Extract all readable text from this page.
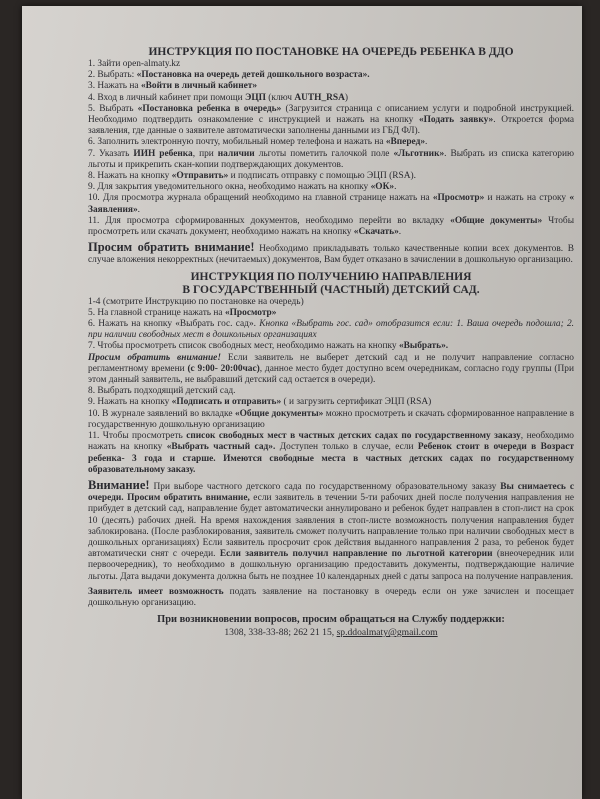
ИНСТРУКЦИЯ ПО ПОСТАНОВКЕ НА ОЧЕРЕДЬ РЕБЕНКА В ДДО

1. Зайти open-almaty.kz

2. Выбрать: «Постановка на очередь детей дошкольного возраста».

3. Нажать на «Войти в личный кабинет»

4. Вход в личный кабинет при помощи ЭЦП (ключ AUTH_RSA)

5. Выбрать «Постановка ребенка в очередь» (Загрузится страница с описанием услуги и подробной инструкцией. Необходимо подтвердить ознакомление с инструкцией и нажать на кнопку «Подать заявку». Откроется форма заявления, где данные о заявителе автоматически заполнены данными из ГБД ФЛ).

6. Заполнить электронную почту, мобильный номер телефона и нажать на «Вперед».

7. Указать ИИН ребенка, при наличии льготы пометить галочкой поле «Льготник». Выбрать из списка категорию льготы и прикрепить скан-копии подтверждающих документов.

8. Нажать на кнопку «Отправить» и подписать отправку с помощью ЭЦП (RSA).

9. Для закрытия уведомительного окна, необходимо нажать на кнопку «ОК».

10. Для просмотра журнала обращений необходимо на главной странице нажать на «Просмотр» и нажать на строку « Заявления».

11. Для просмотра сформированных документов, необходимо перейти во вкладку «Общие документы» Чтобы просмотреть или скачать документ, необходимо нажать на кнопку «Скачать».

Просим обратить внимание! Необходимо прикладывать только качественные копии всех документов. В случае вложения некорректных (нечитаемых) документов, Вам будет отказано в зачислении в дошкольную организацию.

ИНСТРУКЦИЯ ПО ПОЛУЧЕНИЮ НАПРАВЛЕНИЯ

В ГОСУДАРСТВЕННЫЙ (ЧАСТНЫЙ) ДЕТСКИЙ САД.

1-4 (смотрите Инструкцию по постановке на очередь)

5. На главной странице нажать на «Просмотр»

6. Нажать на кнопку «Выбрать гос. сад». Кнопка «Выбрать гос. сад» отобразится если: 1. Ваша очередь подошла; 2. при наличии свободных мест в дошкольных организациях

7. Чтобы просмотреть список свободных мест, необходимо нажать на кнопку «Выбрать».
Просим обратить внимание! Если заявитель не выберет детский сад и не получит направление согласно регламентному времени (с 9:00- 20:00час), данное место будет доступно всем очередникам, согласно году группы (При этом данный заявитель, не выбравший детский сад остается в очереди).

8. Выбрать подходящий детский сад.

9. Нажать на кнопку «Подписать и отправить» ( и загрузить сертификат ЭЦП (RSA)

10. В журнале заявлений во вкладке «Общие документы» можно просмотреть и скачать сформированное направление в государственную дошкольную организацию

11. Чтобы просмотреть список свободных мест в частных детских садах по государственному заказу, необходимо нажать на кнопку «Выбрать частный сад». Доступен только в случае, если Ребенок стоит в очереди в Возраст ребенка- 3 года и старше. Имеются свободные места в частных детских садах по государственному образовательному заказу.

Внимание! При выборе частного детского сада по государственному образовательному заказу Вы снимаетесь с очереди. Просим обратить внимание, если заявитель в течении 5-ти рабочих дней после получения направления не прибудет в детский сад, направление будет автоматически аннулировано и ребенок будет направлен в стоп-лист на срок 10 (десять) рабочих дней. На время нахождения заявления в стоп-листе возможность получения направления будет заблокирована. (После разблокирования, заявитель сможет получить направление только при наличии свободных мест в дошкольных организациях) Если заявитель просрочит срок действия выданного направления 2 раза, то ребенок будет автоматически снят с очереди. Если заявитель получил направление по льготной категории (внеочередник или первоочередник), то необходимо в дошкольную организацию предоставить документы, подтверждающие наличие льготы. Дата выдачи документа должна быть не позднее 10 календарных дней с даты запроса на получение направления.

Заявитель имеет возможность подать заявление на постановку в очередь если он уже зачислен и посещает дошкольную организацию.

При возникновении вопросов, просим обращаться на Службу поддержки:

1308, 338-33-88; 262 21 15, sp.ddoalmaty@gmail.com
